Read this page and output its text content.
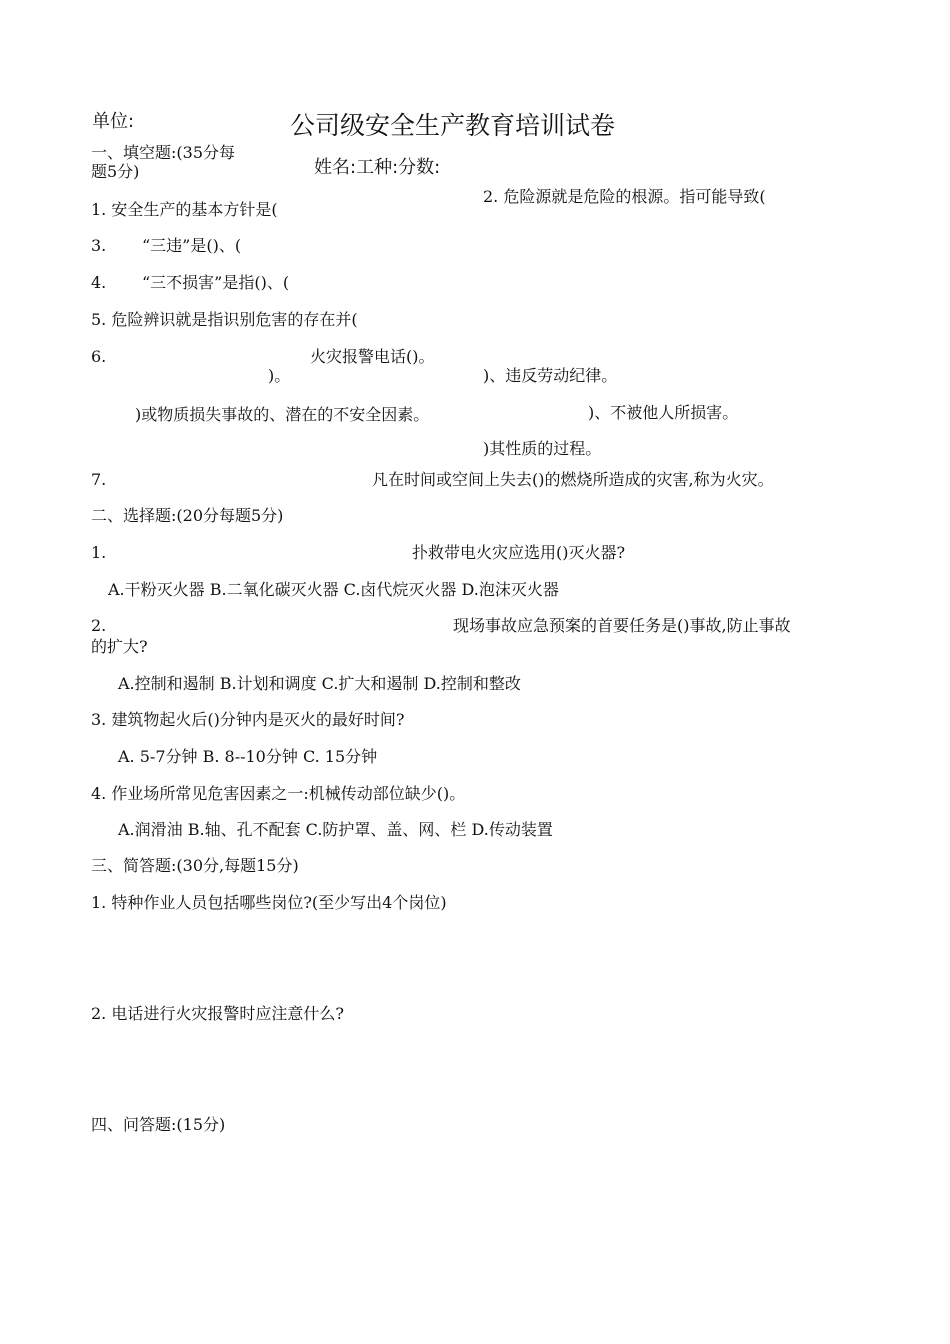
单位:	公司级安全生产教育培训试卷
姓名:工种:分数:
一、填空题:(35分每
题5分)
1. 安全生产的基本方针是(
2. 危险源就是危险的根源。指可能导致(
3. “三违”是()、(
4. “三不损害”是指()、(
5. 危险辨识就是指识别危害的存在并(
6.	火灾报警电话()。
)。	)、违反劳动纪律。
)或物质损失事故的、潜在的不安全因素。	)、不被他人所损害。
)其性质的过程。
7.	凡在时间或空间上失去()的燃烧所造成的灾害,称为火灾。
二、选择题:(20分每题5分)
1.	扑救带电火灾应选用()灭火器?
A.干粉灭火器 B.二氧化碳灭火器 C.卤代烷灭火器 D.泡沫灭火器
2.	现场事故应急预案的首要任务是()事故,防止事故
的扩大?
A.控制和遏制 B.计划和调度 C.扩大和遏制 D.控制和整改
3. 建筑物起火后()分钟内是灭火的最好时间?
A. 5-7分钟 B. 8--10分钟 C. 15分钟
4. 作业场所常见危害因素之一:机械传动部位缺少()。
A.润滑油 B.轴、孔不配套 C.防护罩、盖、网、栏 D.传动装置
三、简答题:(30分,每题15分)
1. 特种作业人员包括哪些岗位?(至少写出4个岗位)
2. 电话进行火灾报警时应注意什么?
四、问答题:(15分)
